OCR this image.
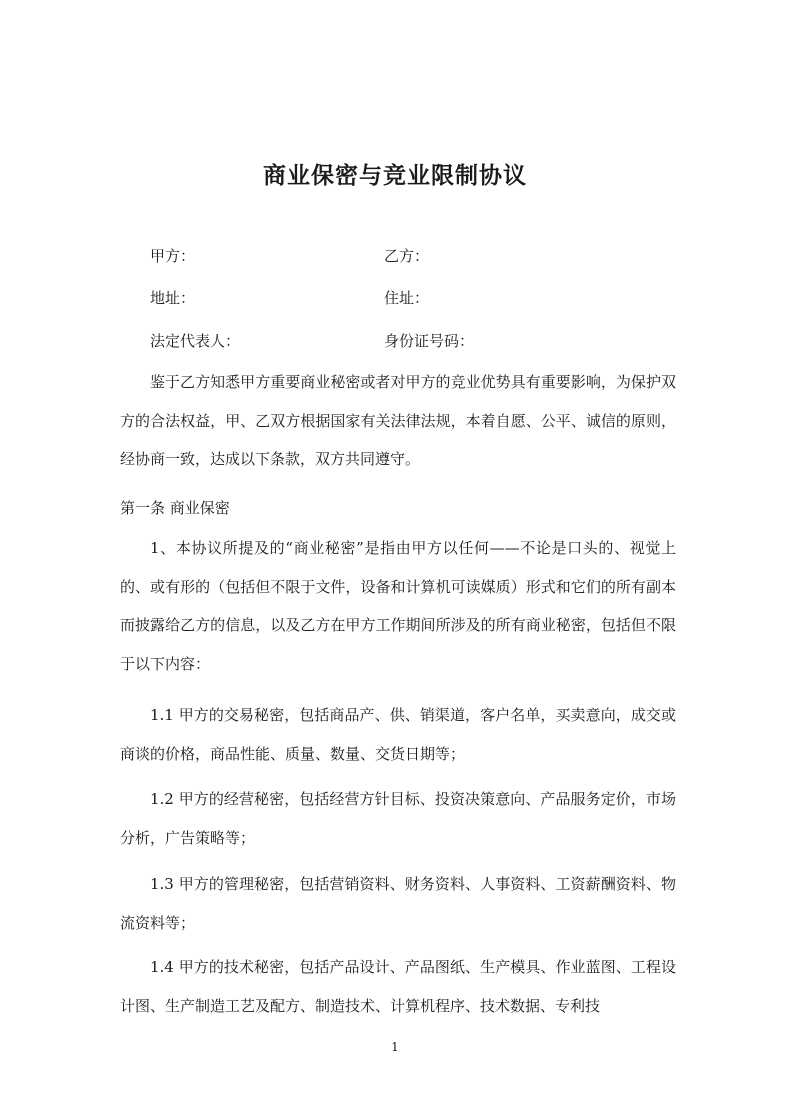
商业保密与竞业限制协议
甲方：	乙方：
地址：	住址：
法定代表人：	身份证号码：
鉴于乙方知悉甲方重要商业秘密或者对甲方的竞业优势具有重要影响，为保护双方的合法权益，甲、乙双方根据国家有关法律法规，本着自愿、公平、诚信的原则，经协商一致，达成以下条款，双方共同遵守。
第一条 商业保密
1、本协议所提及的“商业秘密”是指由甲方以任何——不论是口头的、视觉上的、或有形的（包括但不限于文件，设备和计算机可读媒质）形式和它们的所有副本而披露给乙方的信息，以及乙方在甲方工作期间所涉及的所有商业秘密，包括但不限于以下内容：
1.1 甲方的交易秘密，包括商品产、供、销渠道，客户名单，买卖意向，成交或商谈的价格，商品性能、质量、数量、交货日期等；
1.2 甲方的经营秘密，包括经营方针目标、投资决策意向、产品服务定价，市场分析，广告策略等；
1.3 甲方的管理秘密，包括营销资料、财务资料、人事资料、工资薪酬资料、物流资料等；
1.4 甲方的技术秘密，包括产品设计、产品图纸、生产模具、作业蓝图、工程设计图、生产制造工艺及配方、制造技术、计算机程序、技术数据、专利技
1
